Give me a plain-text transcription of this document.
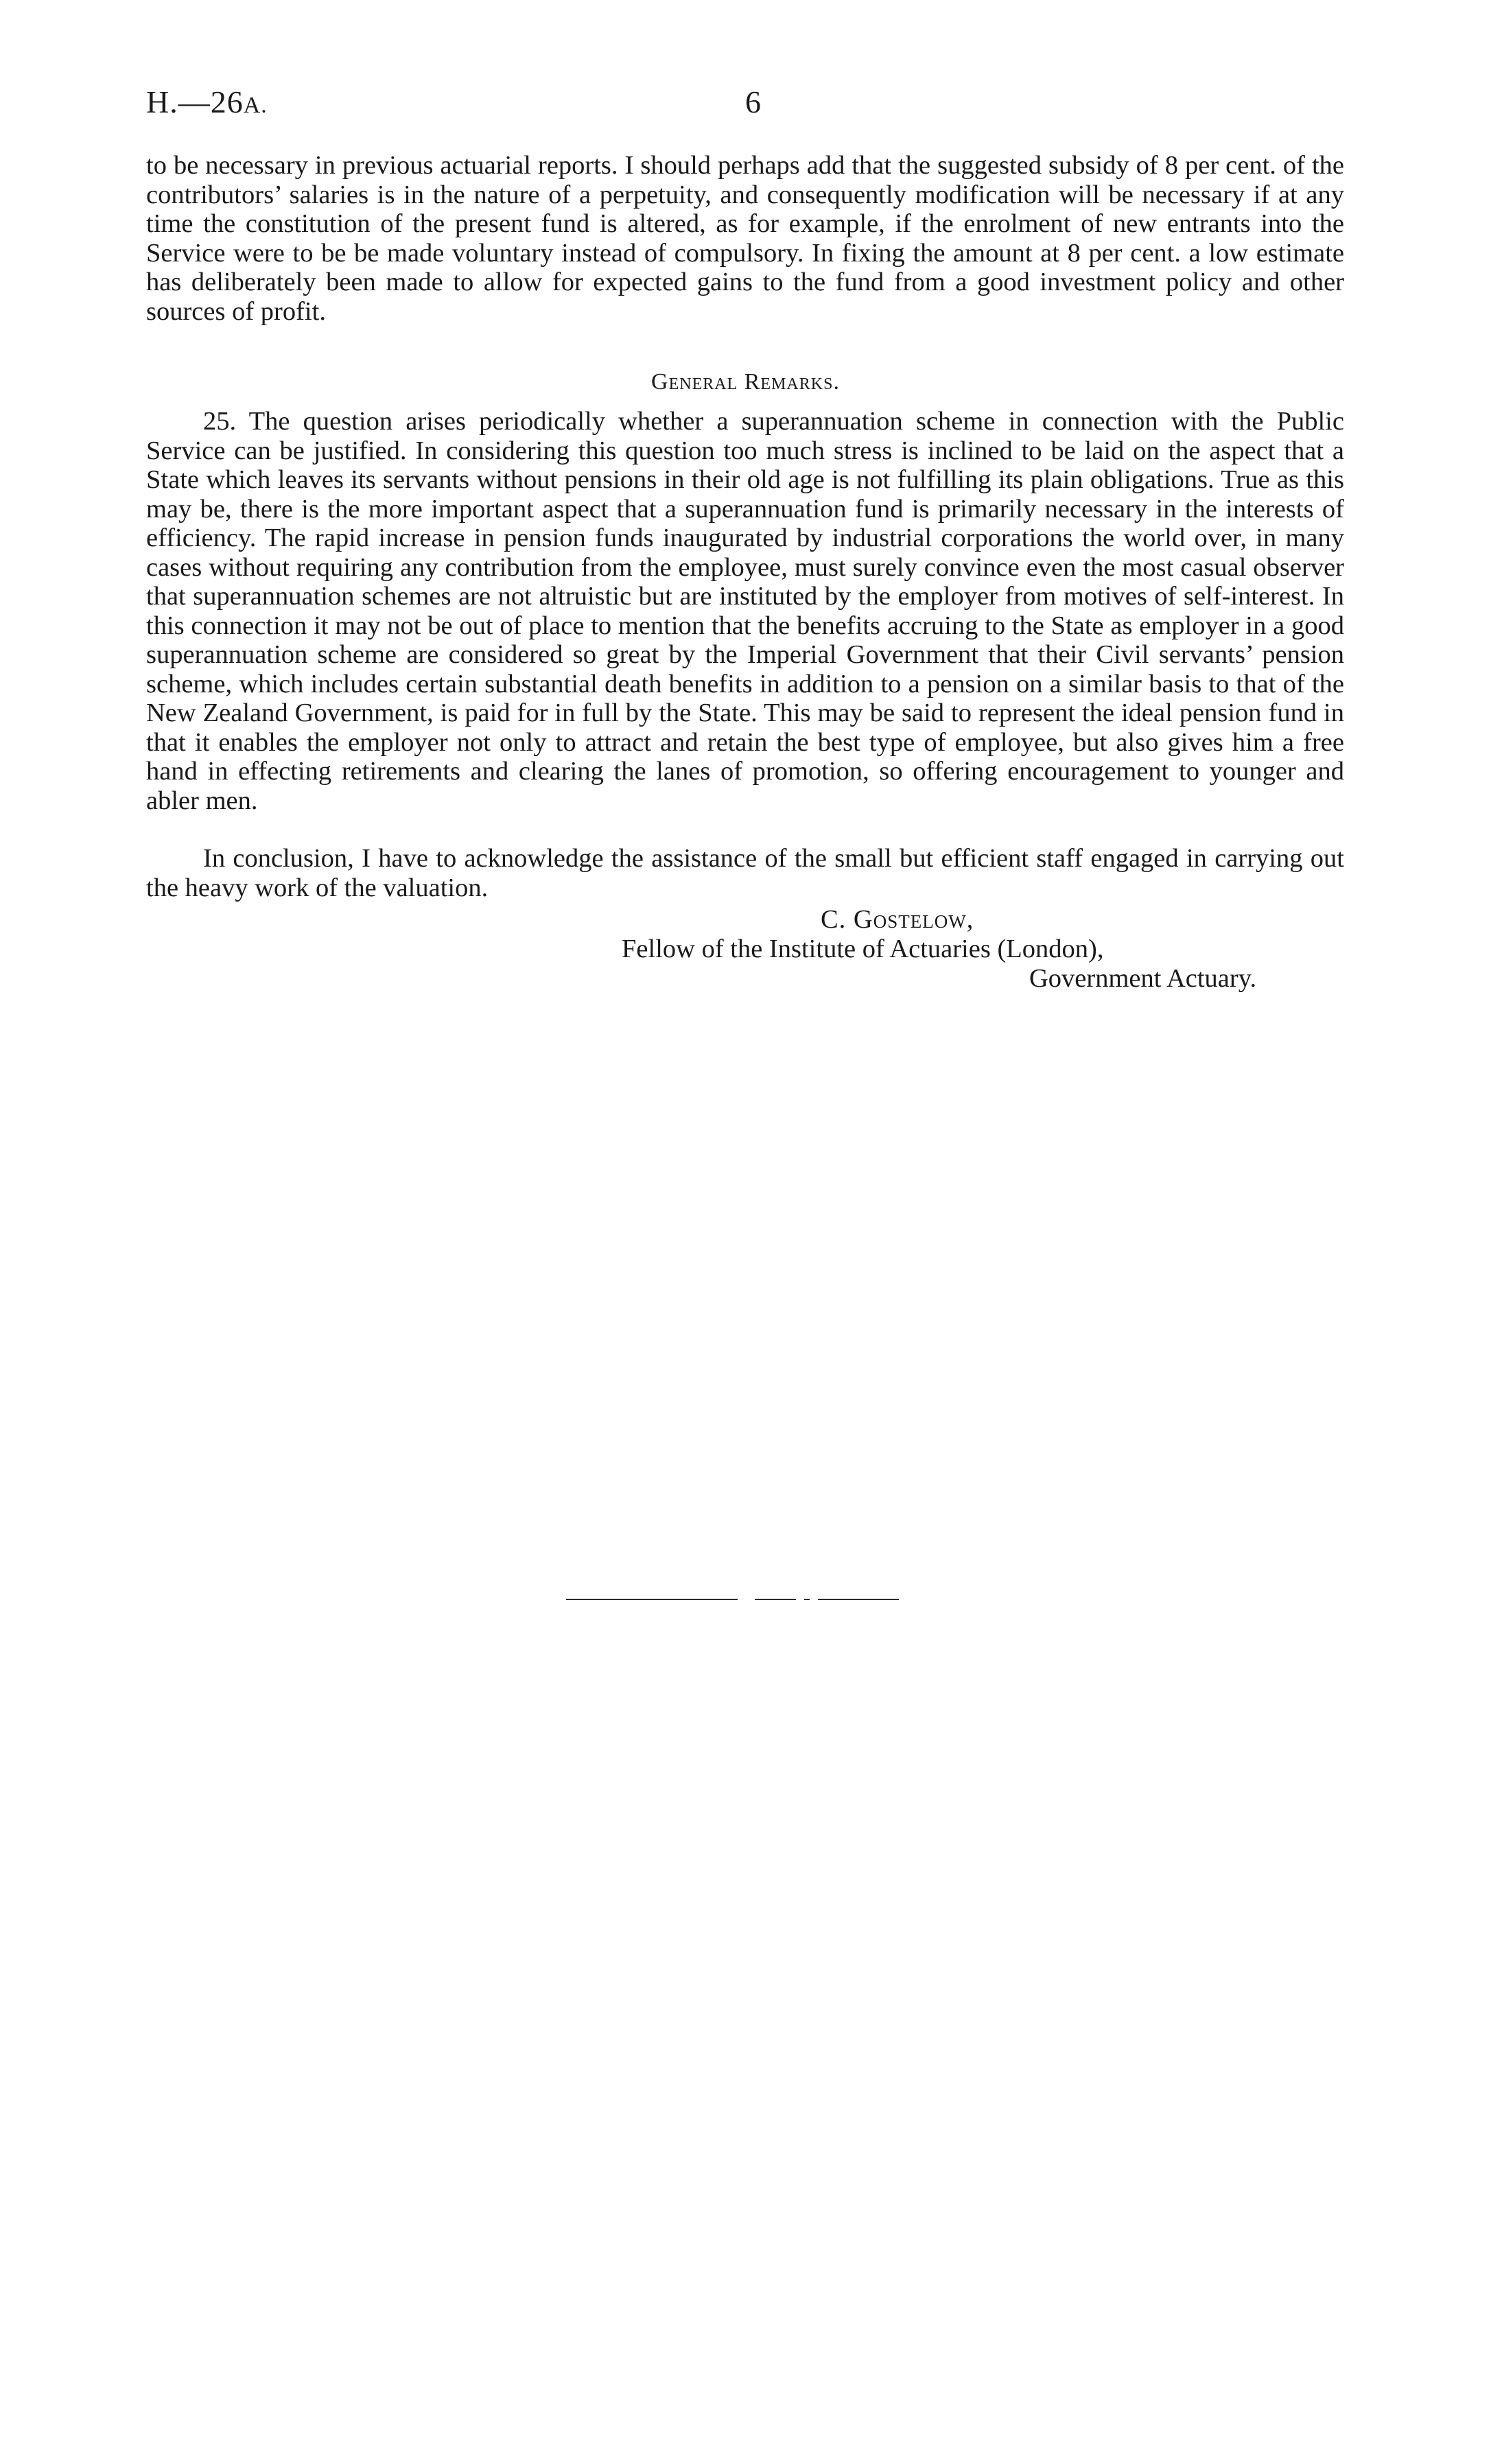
H.—26A.	6

to be necessary in previous actuarial reports. I should perhaps add that the suggested subsidy of 8 per cent. of the contributors’ salaries is in the nature of a perpetuity, and consequently modification will be necessary if at any time the constitution of the present fund is altered, as for example, if the enrolment of new entrants into the Service were to be be made voluntary instead of compulsory. In fixing the amount at 8 per cent. a low estimate has deliberately been made to allow for expected gains to the fund from a good investment policy and other sources of profit.

General Remarks.

25. The question arises periodically whether a superannuation scheme in connection with the Public Service can be justified. In considering this question too much stress is inclined to be laid on the aspect that a State which leaves its servants without pensions in their old age is not fulfilling its plain obligations. True as this may be, there is the more important aspect that a superannuation fund is primarily necessary in the interests of efficiency. The rapid increase in pension funds inaugurated by industrial corporations the world over, in many cases without requiring any contribution from the employee, must surely convince even the most casual observer that superannuation schemes are not altruistic but are instituted by the employer from motives of self-interest. In this connection it may not be out of place to mention that the benefits accruing to the State as employer in a good superannuation scheme are considered so great by the Imperial Government that their Civil servants’ pension scheme, which includes certain substantial death benefits in addition to a pension on a similar basis to that of the New Zealand Government, is paid for in full by the State. This may be said to represent the ideal pension fund in that it enables the employer not only to attract and retain the best type of employee, but also gives him a free hand in effecting retirements and clearing the lanes of promotion, so offering encouragement to younger and abler men.

In conclusion, I have to acknowledge the assistance of the small but efficient staff engaged in carrying out the heavy work of the valuation.

C. Gostelow,
Fellow of the Institute of Actuaries (London),
Government Actuary.
